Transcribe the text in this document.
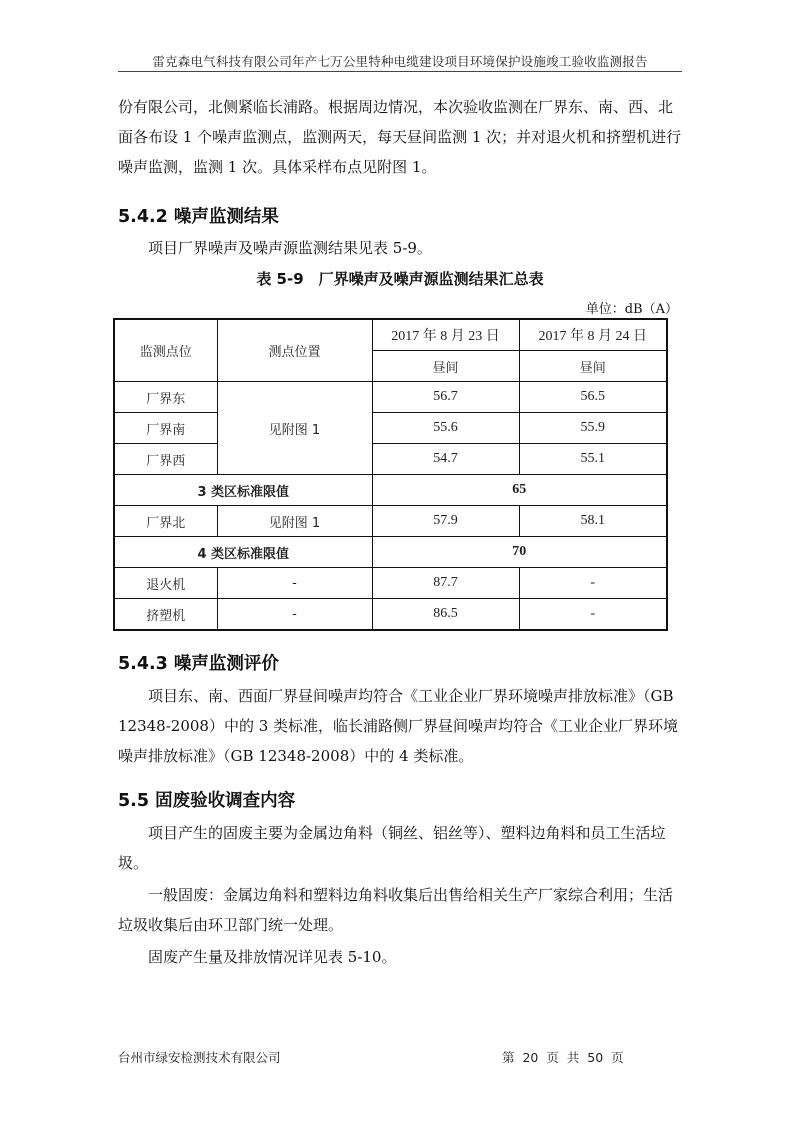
雷克森电气科技有限公司年产七万公里特种电缆建设项目环境保护设施竣工验收监测报告

份有限公司，北侧紧临长浦路。根据周边情况，本次验收监测在厂界东、南、西、北面各布设 1 个噪声监测点，监测两天，每天昼间监测 1 次；并对退火机和挤塑机进行噪声监测，监测 1 次。具体采样布点见附图 1。

5.4.2 噪声监测结果

项目厂界噪声及噪声源监测结果见表 5-9。

表 5-9　厂界噪声及噪声源监测结果汇总表
单位：dB（A）
监测点位	测点位置	2017 年 8 月 23 日	2017 年 8 月 24 日
		昼间	昼间
厂界东	见附图 1	56.7	56.5
厂界南		55.6	55.9
厂界西		54.7	55.1
3 类区标准限值		65	
厂界北	见附图 1	57.9	58.1
4 类区标准限值		70	
退火机	-	87.7	-
挤塑机	-	86.5	-
5.4.3 噪声监测评价

项目东、南、西面厂界昼间噪声均符合《工业企业厂界环境噪声排放标准》（GB 12348-2008）中的 3 类标准，临长浦路侧厂界昼间噪声均符合《工业企业厂界环境噪声排放标准》（GB 12348-2008）中的 4 类标准。

5.5 固废验收调查内容

项目产生的固废主要为金属边角料（铜丝、铝丝等）、塑料边角料和员工生活垃圾。

一般固废：金属边角料和塑料边角料收集后出售给相关生产厂家综合利用；生活垃圾收集后由环卫部门统一处理。

固废产生量及排放情况详见表 5-10。

台州市绿安检测技术有限公司	第 20 页 共 50 页
